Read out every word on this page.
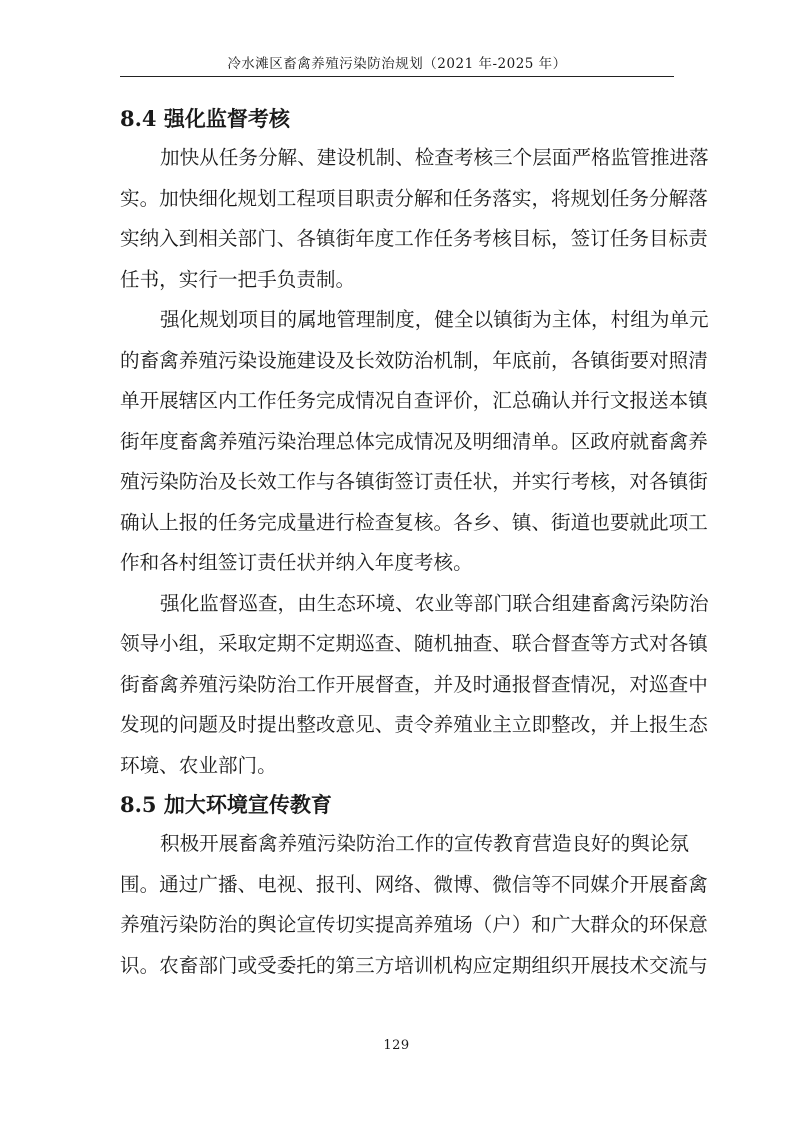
冷水滩区畜禽养殖污染防治规划（2021 年-2025 年）
8.4 强化监督考核

加快从任务分解、建设机制、检查考核三个层面严格监管推进落
实。加快细化规划工程项目职责分解和任务落实，将规划任务分解落
实纳入到相关部门、各镇街年度工作任务考核目标，签订任务目标责
任书，实行一把手负责制。

强化规划项目的属地管理制度，健全以镇街为主体，村组为单元
的畜禽养殖污染设施建设及长效防治机制，年底前，各镇街要对照清
单开展辖区内工作任务完成情况自查评价，汇总确认并行文报送本镇
街年度畜禽养殖污染治理总体完成情况及明细清单。区政府就畜禽养
殖污染防治及长效工作与各镇街签订责任状，并实行考核，对各镇街
确认上报的任务完成量进行检查复核。各乡、镇、街道也要就此项工
作和各村组签订责任状并纳入年度考核。

强化监督巡查，由生态环境、农业等部门联合组建畜禽污染防治
领导小组，采取定期不定期巡查、随机抽查、联合督查等方式对各镇
街畜禽养殖污染防治工作开展督查，并及时通报督查情况，对巡查中
发现的问题及时提出整改意见、责令养殖业主立即整改，并上报生态
环境、农业部门。

8.5 加大环境宣传教育

积极开展畜禽养殖污染防治工作的宣传教育营造良好的舆论氛
围。通过广播、电视、报刊、网络、微博、微信等不同媒介开展畜禽
养殖污染防治的舆论宣传切实提高养殖场（户）和广大群众的环保意
识。农畜部门或受委托的第三方培训机构应定期组织开展技术交流与

129
